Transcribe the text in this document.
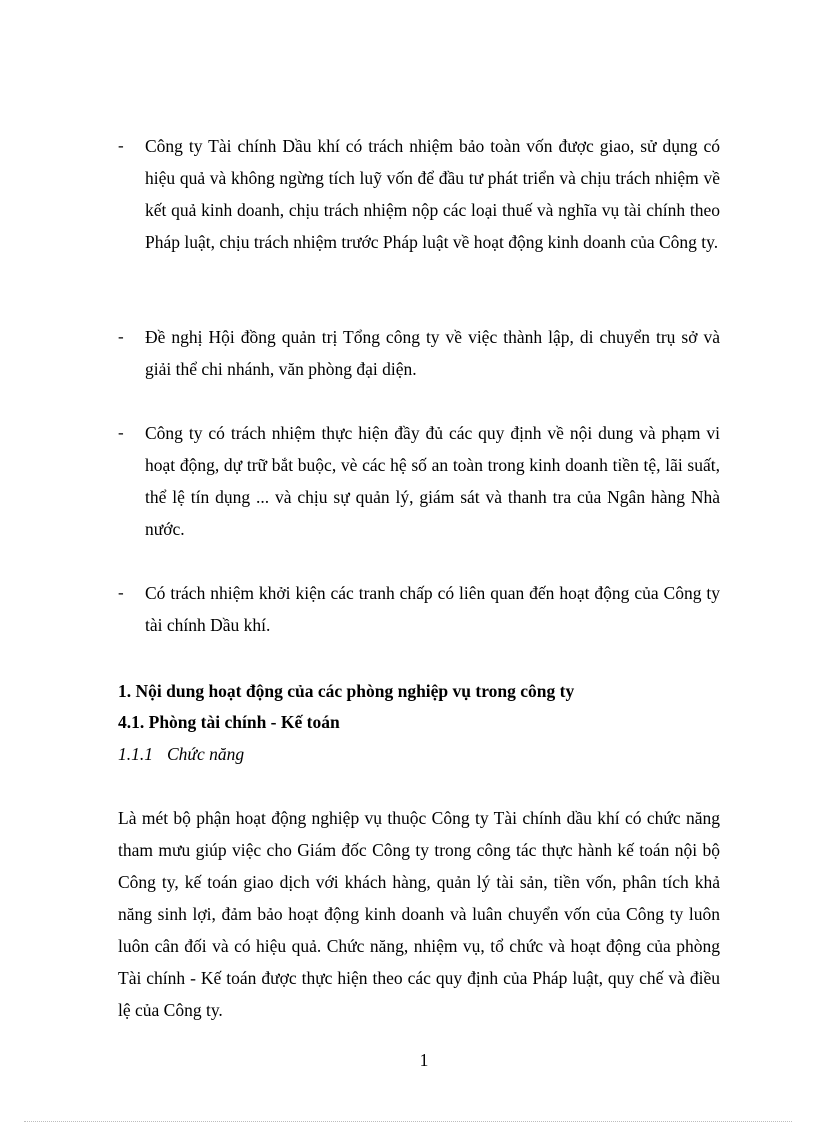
- Công ty Tài chính Dầu khí có trách nhiệm bảo toàn vốn được giao, sử dụng có hiệu quả và không ngừng tích luỹ vốn để đầu tư phát triển và chịu trách nhiệm về kết quả kinh doanh, chịu trách nhiệm nộp các loại thuế và nghĩa vụ tài chính theo Pháp luật, chịu trách nhiệm trước Pháp luật về hoạt động kinh doanh của Công ty.
- Đề nghị Hội đồng quản trị Tổng công ty về việc thành lập, di chuyển trụ sở và giải thể chi nhánh, văn phòng đại diện.
- Công ty có trách nhiệm thực hiện đầy đủ các quy định về nội dung và phạm vi hoạt động, dự trữ bắt buộc, vè các hệ số an toàn trong kinh doanh tiền tệ, lãi suất, thể lệ tín dụng ... và chịu sự quản lý, giám sát và thanh tra của Ngân hàng Nhà nước.
- Có trách nhiệm khởi kiện các tranh chấp có liên quan đến hoạt động của Công ty tài chính Dầu khí.
1. Nội dung hoạt động của các phòng nghiệp vụ trong công ty
4.1. Phòng tài chính - Kế toán
1.1.1 Chức năng
Là mét bộ phận hoạt động nghiệp vụ thuộc Công ty Tài chính dầu khí có chức năng tham mưu giúp việc cho Giám đốc Công ty trong công tác thực hành kế toán nội bộ Công ty, kế toán giao dịch với khách hàng, quản lý tài sản, tiền vốn, phân tích khả năng sinh lợi, đảm bảo hoạt động kinh doanh và luân chuyển vốn của Công ty luôn luôn cân đối và có hiệu quả. Chức năng, nhiệm vụ, tổ chức và hoạt động của phòng Tài chính - Kế toán được thực hiện theo các quy định của Pháp luật, quy chế và điều lệ của Công ty.
1
